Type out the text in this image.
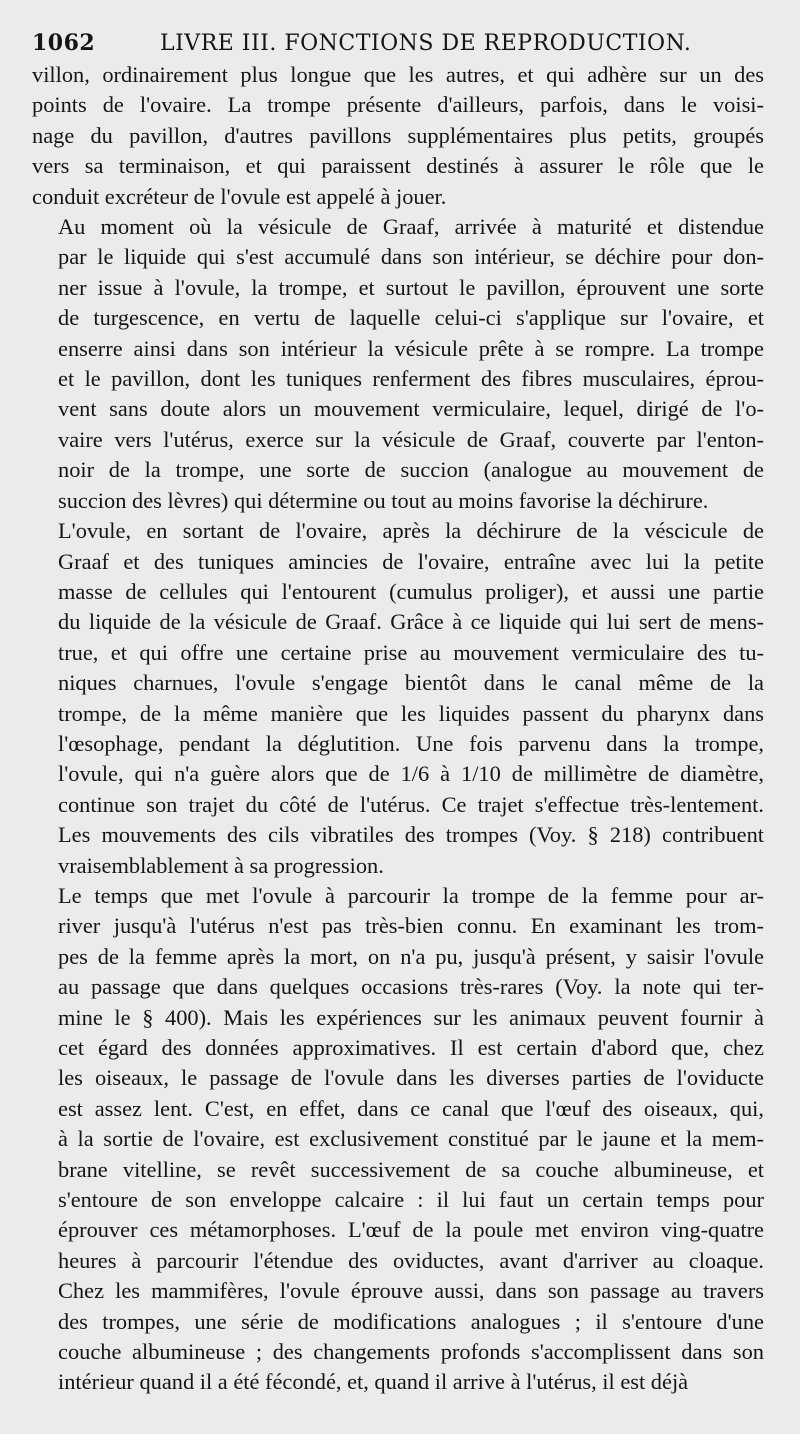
1062	LIVRE III. FONCTIONS DE REPRODUCTION.
villon, ordinairement plus longue que les autres, et qui adhère sur un des
points de l'ovaire. La trompe présente d'ailleurs, parfois, dans le voisi-
nage du pavillon, d'autres pavillons supplémentaires plus petits, groupés
vers sa terminaison, et qui paraissent destinés à assurer le rôle que le
conduit excréteur de l'ovule est appelé à jouer.
Au moment où la vésicule de Graaf, arrivée à maturité et distendue
par le liquide qui s'est accumulé dans son intérieur, se déchire pour don-
ner issue à l'ovule, la trompe, et surtout le pavillon, éprouvent une sorte
de turgescence, en vertu de laquelle celui-ci s'applique sur l'ovaire, et
enserre ainsi dans son intérieur la vésicule prête à se rompre. La trompe
et le pavillon, dont les tuniques renferment des fibres musculaires, éprou-
vent sans doute alors un mouvement vermiculaire, lequel, dirigé de l'o-
vaire vers l'utérus, exerce sur la vésicule de Graaf, couverte par l'enton-
noir de la trompe, une sorte de succion (analogue au mouvement de
succion des lèvres) qui détermine ou tout au moins favorise la déchirure.
L'ovule, en sortant de l'ovaire, après la déchirure de la véscicule de
Graaf et des tuniques amincies de l'ovaire, entraîne avec lui la petite
masse de cellules qui l'entourent (cumulus proliger), et aussi une partie
du liquide de la vésicule de Graaf. Grâce à ce liquide qui lui sert de mens-
true, et qui offre une certaine prise au mouvement vermiculaire des tu-
niques charnues, l'ovule s'engage bientôt dans le canal même de la
trompe, de la même manière que les liquides passent du pharynx dans
l'œsophage, pendant la déglutition. Une fois parvenu dans la trompe,
l'ovule, qui n'a guère alors que de 1/6 à 1/10 de millimètre de diamètre,
continue son trajet du côté de l'utérus. Ce trajet s'effectue très-lentement.
Les mouvements des cils vibratiles des trompes (Voy. § 218) contribuent
vraisemblablement à sa progression.
Le temps que met l'ovule à parcourir la trompe de la femme pour ar-
river jusqu'à l'utérus n'est pas très-bien connu. En examinant les trom-
pes de la femme après la mort, on n'a pu, jusqu'à présent, y saisir l'ovule
au passage que dans quelques occasions très-rares (Voy. la note qui ter-
mine le § 400). Mais les expériences sur les animaux peuvent fournir à
cet égard des données approximatives. Il est certain d'abord que, chez
les oiseaux, le passage de l'ovule dans les diverses parties de l'oviducte
est assez lent. C'est, en effet, dans ce canal que l'œuf des oiseaux, qui,
à la sortie de l'ovaire, est exclusivement constitué par le jaune et la mem-
brane vitelline, se revêt successivement de sa couche albumineuse, et
s'entoure de son enveloppe calcaire : il lui faut un certain temps pour
éprouver ces métamorphoses. L'œuf de la poule met environ ving-quatre
heures à parcourir l'étendue des oviductes, avant d'arriver au cloaque.
Chez les mammifères, l'ovule éprouve aussi, dans son passage au travers
des trompes, une série de modifications analogues ; il s'entoure d'une
couche albumineuse ; des changements profonds s'accomplissent dans son
intérieur quand il a été fécondé, et, quand il arrive à l'utérus, il est déjà
